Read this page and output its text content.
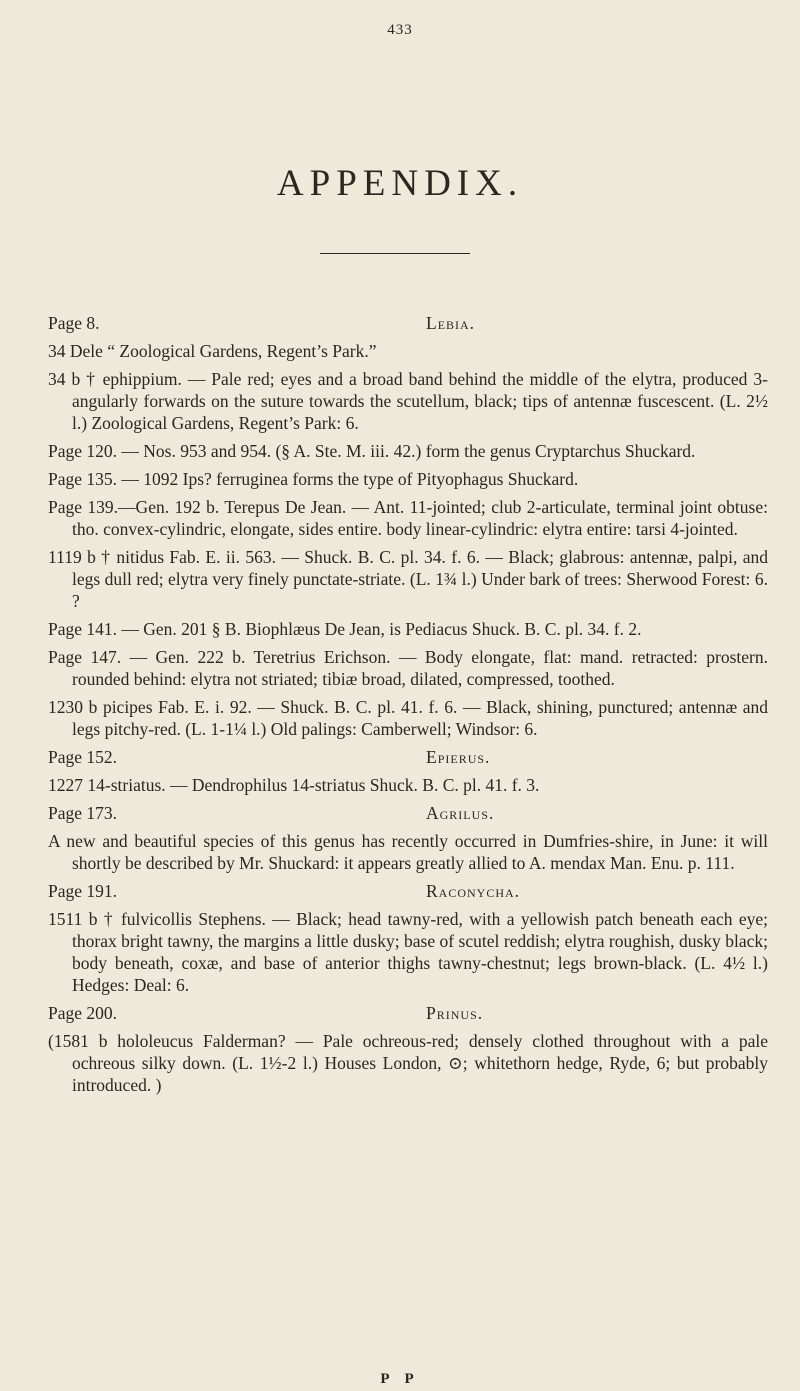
433
APPENDIX.
Page 8.	Lebia.

34 Dele “ Zoological Gardens, Regent’s Park.”

34 b † ephippium. — Pale red; eyes and a broad band behind the middle of the elytra, produced 3-angularly forwards on the suture towards the scutellum, black; tips of antennæ fuscescent. (L. 2½ l.) Zoological Gardens, Regent’s Park: 6.

Page 120. — Nos. 953 and 954. (§ A. Ste. M. iii. 42.) form the genus Cryptarchus Shuckard.

Page 135. — 1092 Ips? ferruginea forms the type of Pityophagus Shuckard.

Page 139.—Gen. 192 b. Terepus De Jean. — Ant. 11-jointed; club 2-articulate, terminal joint obtuse: tho. convex-cylindric, elongate, sides entire. body linear-cylindric: elytra entire: tarsi 4-jointed.

1119 b † nitidus Fab. E. ii. 563. — Shuck. B. C. pl. 34. f. 6. — Black; glabrous: antennæ, palpi, and legs dull red; elytra very finely punctate-striate. (L. 1¾ l.) Under bark of trees: Sherwood Forest: 6. ?

Page 141. — Gen. 201 § B. Biophlæus De Jean, is Pediacus Shuck. B. C. pl. 34. f. 2.

Page 147. — Gen. 222 b. Teretrius Erichson. — Body elongate, flat: mand. retracted: prostern. rounded behind: elytra not striated; tibiæ broad, dilated, compressed, toothed.

1230 b picipes Fab. E. i. 92. — Shuck. B. C. pl. 41. f. 6. — Black, shining, punctured; antennæ and legs pitchy-red. (L. 1-1¼ l.) Old palings: Camberwell; Windsor: 6.

Page 152.	Epierus.

1227 14-striatus. — Dendrophilus 14-striatus Shuck. B. C. pl. 41. f. 3.

Page 173.	Agrilus.

A new and beautiful species of this genus has recently occurred in Dumfries-shire, in June: it will shortly be described by Mr. Shuckard: it appears greatly allied to A. mendax Man. Enu. p. 111.

Page 191.	Raconycha.

1511 b † fulvicollis Stephens. — Black; head tawny-red, with a yellowish patch beneath each eye; thorax bright tawny, the margins a little dusky; base of scutel reddish; elytra roughish, dusky black; body beneath, coxæ, and base of anterior thighs tawny-chestnut; legs brown-black. (L. 4½ l.) Hedges: Deal: 6.

Page 200.	Prinus.

(1581 b hololeucus Falderman? — Pale ochreous-red; densely clothed throughout with a pale ochreous silky down. (L. 1½-2 l.) Houses London, ⊙; whitethorn hedge, Ryde, 6; but probably introduced. )

P P
